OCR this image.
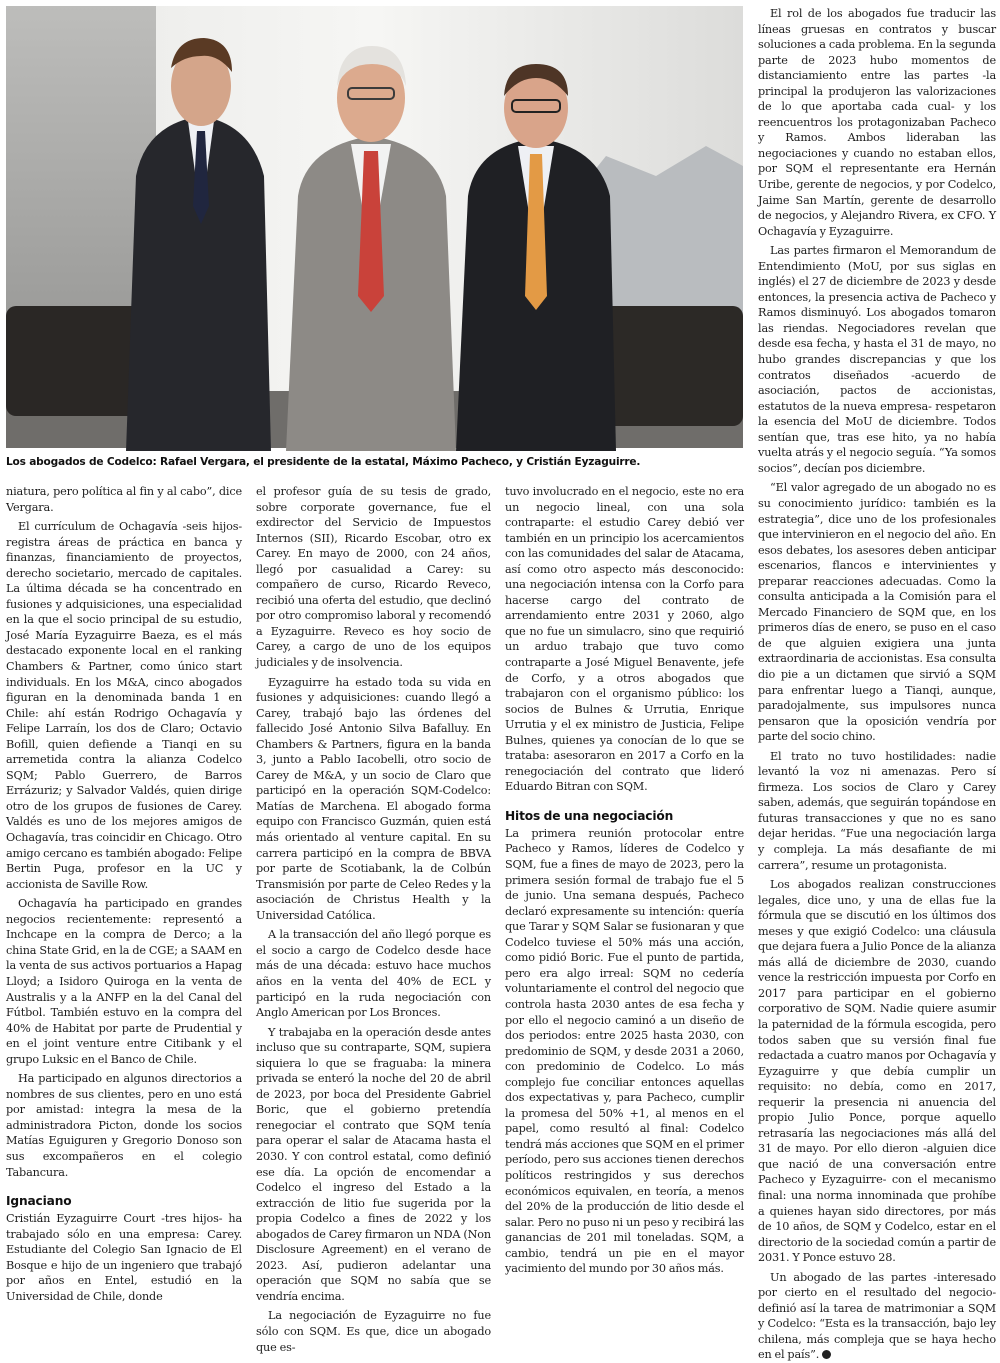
Los abogados de Codelco: Rafael Vergara, el presidente de la estatal, Máximo Pacheco, y Cristián Eyzaguirre.

niatura, pero política al fin y al cabo”, dice Vergara.

El currículum de Ochagavía -seis hijos- registra áreas de práctica en banca y finanzas, financiamiento de proyectos, derecho societario, mercado de capitales. La última década se ha concentrado en fusiones y adquisiciones, una especialidad en la que el socio principal de su estudio, José María Eyzaguirre Baeza, es el más destacado exponente local en el ranking Chambers & Partner, como único start individuals. En los M&A, cinco abogados figuran en la denominada banda 1 en Chile: ahí están Rodrigo Ochagavía y Felipe Larraín, los dos de Claro; Octavio Bofill, quien defiende a Tianqi en su arremetida contra la alianza Codelco SQM; Pablo Guerrero, de Barros Errázuriz; y Salvador Valdés, quien dirige otro de los grupos de fusiones de Carey. Valdés es uno de los mejores amigos de Ochagavía, tras coincidir en Chicago. Otro amigo cercano es también abogado: Felipe Bertin Puga, profesor en la UC y accionista de Saville Row.

Ochagavía ha participado en grandes negocios recientemente: representó a Inchcape en la compra de Derco; a la china State Grid, en la de CGE; a SAAM en la venta de sus activos portuarios a Hapag Lloyd; a Isidoro Quiroga en la venta de Australis y a la ANFP en la del Canal del Fútbol. También estuvo en la compra del 40% de Habitat por parte de Prudential y en el joint venture entre Citibank y el grupo Luksic en el Banco de Chile.

Ha participado en algunos directorios a nombres de sus clientes, pero en uno está por amistad: integra la mesa de la administradora Picton, donde los socios Matías Eguiguren y Gregorio Donoso son sus excompañeros en el colegio Tabancura.

Ignaciano

Cristián Eyzaguirre Court -tres hijos- ha trabajado sólo en una empresa: Carey. Estudiante del Colegio San Ignacio de El Bosque e hijo de un ingeniero que trabajó por años en Entel, estudió en la Universidad de Chile, donde

el profesor guía de su tesis de grado, sobre corporate governance, fue el exdirector del Servicio de Impuestos Internos (SII), Ricardo Escobar, otro ex Carey. En mayo de 2000, con 24 años, llegó por casualidad a Carey: su compañero de curso, Ricardo Reveco, recibió una oferta del estudio, que declinó por otro compromiso laboral y recomendó a Eyzaguirre. Reveco es hoy socio de Carey, a cargo de uno de los equipos judiciales y de insolvencia.

Eyzaguirre ha estado toda su vida en fusiones y adquisiciones: cuando llegó a Carey, trabajó bajo las órdenes del fallecido José Antonio Silva Bafalluy. En Chambers & Partners, figura en la banda 3, junto a Pablo Iacobelli, otro socio de Carey de M&A, y un socio de Claro que participó en la operación SQM-Codelco: Matías de Marchena. El abogado forma equipo con Francisco Guzmán, quien está más orientado al venture capital. En su carrera participó en la compra de BBVA por parte de Scotiabank, la de Colbún Transmisión por parte de Celeo Redes y la asociación de Christus Health y la Universidad Católica.

A la transacción del año llegó porque es el socio a cargo de Codelco desde hace más de una década: estuvo hace muchos años en la venta del 40% de ECL y participó en la ruda negociación con Anglo American por Los Bronces.

Y trabajaba en la operación desde antes incluso que su contraparte, SQM, supiera siquiera lo que se fraguaba: la minera privada se enteró la noche del 20 de abril de 2023, por boca del Presidente Gabriel Boric, que el gobierno pretendía renegociar el contrato que SQM tenía para operar el salar de Atacama hasta el 2030. Y con control estatal, como definió ese día. La opción de encomendar a Codelco el ingreso del Estado a la extracción de litio fue sugerida por la propia Codelco a fines de 2022 y los abogados de Carey firmaron un NDA (Non Disclosure Agreement) en el verano de 2023. Así, pudieron adelantar una operación que SQM no sabía que se vendría encima.

La negociación de Eyzaguirre no fue sólo con SQM. Es que, dice un abogado que es-

tuvo involucrado en el negocio, este no era un negocio lineal, con una sola contraparte: el estudio Carey debió ver también en un principio los acercamientos con las comunidades del salar de Atacama, así como otro aspecto más desconocido: una negociación intensa con la Corfo para hacerse cargo del contrato de arrendamiento entre 2031 y 2060, algo que no fue un simulacro, sino que requirió un arduo trabajo que tuvo como contraparte a José Miguel Benavente, jefe de Corfo, y a otros abogados que trabajaron con el organismo público: los socios de Bulnes & Urrutia, Enrique Urrutia y el ex ministro de Justicia, Felipe Bulnes, quienes ya conocían de lo que se trataba: asesoraron en 2017 a Corfo en la renegociación del contrato que lideró Eduardo Bitran con SQM.

Hitos de una negociación

La primera reunión protocolar entre Pacheco y Ramos, líderes de Codelco y SQM, fue a fines de mayo de 2023, pero la primera sesión formal de trabajo fue el 5 de junio. Una semana después, Pacheco declaró expresamente su intención: quería que Tarar y SQM Salar se fusionaran y que Codelco tuviese el 50% más una acción, como pidió Boric. Fue el punto de partida, pero era algo irreal: SQM no cedería voluntariamente el control del negocio que controla hasta 2030 antes de esa fecha y por ello el negocio caminó a un diseño de dos periodos: entre 2025 hasta 2030, con predominio de SQM, y desde 2031 a 2060, con predominio de Codelco. Lo más complejo fue conciliar entonces aquellas dos expectativas y, para Pacheco, cumplir la promesa del 50% +1, al menos en el papel, como resultó al final: Codelco tendrá más acciones que SQM en el primer período, pero sus acciones tienen derechos políticos restringidos y sus derechos económicos equivalen, en teoría, a menos del 20% de la producción de litio desde el salar. Pero no puso ni un peso y recibirá las ganancias de 201 mil toneladas. SQM, a cambio, tendrá un pie en el mayor yacimiento del mundo por 30 años más.

El rol de los abogados fue traducir las líneas gruesas en contratos y buscar soluciones a cada problema. En la segunda parte de 2023 hubo momentos de distanciamiento entre las partes -la principal la produjeron las valorizaciones de lo que aportaba cada cual- y los reencuentros los protagonizaban Pacheco y Ramos. Ambos lideraban las negociaciones y cuando no estaban ellos, por SQM el representante era Hernán Uribe, gerente de negocios, y por Codelco, Jaime San Martín, gerente de desarrollo de negocios, y Alejandro Rivera, ex CFO. Y Ochagavía y Eyzaguirre.

Las partes firmaron el Memorandum de Entendimiento (MoU, por sus siglas en inglés) el 27 de diciembre de 2023 y desde entonces, la presencia activa de Pacheco y Ramos disminuyó. Los abogados tomaron las riendas. Negociadores revelan que desde esa fecha, y hasta el 31 de mayo, no hubo grandes discrepancias y que los contratos diseñados -acuerdo de asociación, pactos de accionistas, estatutos de la nueva empresa- respetaron la esencia del MoU de diciembre. Todos sentían que, tras ese hito, ya no había vuelta atrás y el negocio seguía. “Ya somos socios”, decían pos diciembre.

“El valor agregado de un abogado no es su conocimiento jurídico: también es la estrategia”, dice uno de los profesionales que intervinieron en el negocio del año. En esos debates, los asesores deben anticipar escenarios, flancos e intervinientes y preparar reacciones adecuadas. Como la consulta anticipada a la Comisión para el Mercado Financiero de SQM que, en los primeros días de enero, se puso en el caso de que alguien exigiera una junta extraordinaria de accionistas. Esa consulta dio pie a un dictamen que sirvió a SQM para enfrentar luego a Tianqi, aunque, paradojalmente, sus impulsores nunca pensaron que la oposición vendría por parte del socio chino.

El trato no tuvo hostilidades: nadie levantó la voz ni amenazas. Pero sí firmeza. Los socios de Claro y Carey saben, además, que seguirán topándose en futuras transacciones y que no es sano dejar heridas. “Fue una negociación larga y compleja. La más desafiante de mi carrera”, resume un protagonista.

Los abogados realizan construcciones legales, dice uno, y una de ellas fue la fórmula que se discutió en los últimos dos meses y que exigió Codelco: una cláusula que dejara fuera a Julio Ponce de la alianza más allá de diciembre de 2030, cuando vence la restricción impuesta por Corfo en 2017 para participar en el gobierno corporativo de SQM. Nadie quiere asumir la paternidad de la fórmula escogida, pero todos saben que su versión final fue redactada a cuatro manos por Ochagavía y Eyzaguirre y que debía cumplir un requisito: no debía, como en 2017, requerir la presencia ni anuencia del propio Julio Ponce, porque aquello retrasaría las negociaciones más allá del 31 de mayo. Por ello dieron -alguien dice que nació de una conversación entre Pacheco y Eyzaguirre- con el mecanismo final: una norma innominada que prohíbe a quienes hayan sido directores, por más de 10 años, de SQM y Codelco, estar en el directorio de la sociedad común a partir de 2031. Y Ponce estuvo 28.

Un abogado de las partes -interesado por cierto en el resultado del negocio- definió así la tarea de matrimoniar a SQM y Codelco: “Esta es la transacción, bajo ley chilena, más compleja que se haya hecho en el país”.
